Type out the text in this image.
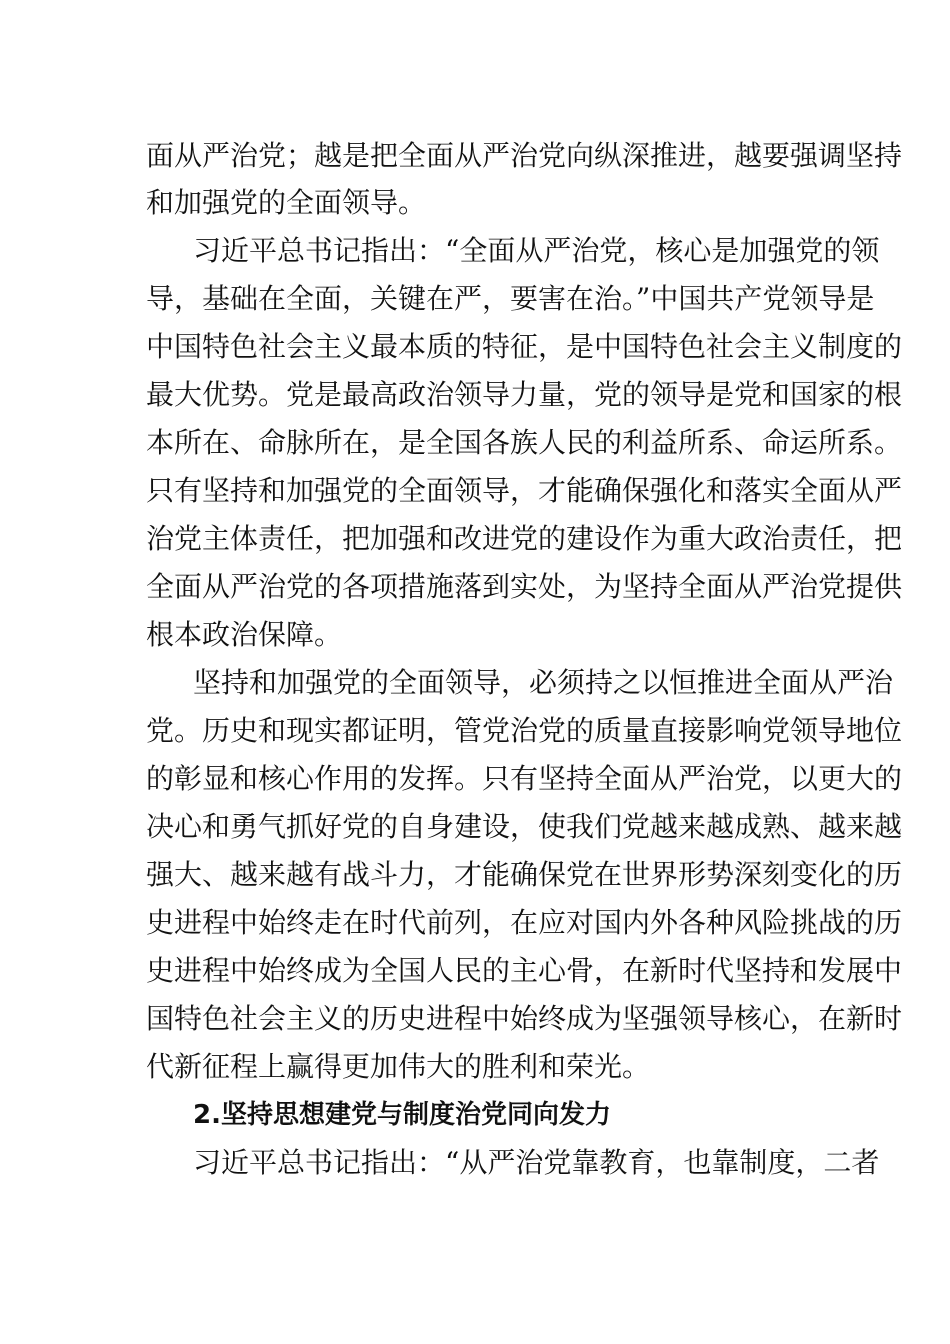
面从严治党；越是把全面从严治党向纵深推进，越要强调坚持
和加强党的全面领导。
习近平总书记指出：“全面从严治党，核心是加强党的领
导，基础在全面，关键在严，要害在治。”中国共产党领导是
中国特色社会主义最本质的特征，是中国特色社会主义制度的
最大优势。党是最高政治领导力量，党的领导是党和国家的根
本所在、命脉所在，是全国各族人民的利益所系、命运所系。
只有坚持和加强党的全面领导，才能确保强化和落实全面从严
治党主体责任，把加强和改进党的建设作为重大政治责任，把
全面从严治党的各项措施落到实处，为坚持全面从严治党提供
根本政治保障。
坚持和加强党的全面领导，必须持之以恒推进全面从严治
党。历史和现实都证明，管党治党的质量直接影响党领导地位
的彰显和核心作用的发挥。只有坚持全面从严治党，以更大的
决心和勇气抓好党的自身建设，使我们党越来越成熟、越来越
强大、越来越有战斗力，才能确保党在世界形势深刻变化的历
史进程中始终走在时代前列，在应对国内外各种风险挑战的历
史进程中始终成为全国人民的主心骨，在新时代坚持和发展中
国特色社会主义的历史进程中始终成为坚强领导核心，在新时
代新征程上赢得更加伟大的胜利和荣光。
2.坚持思想建党与制度治党同向发力
习近平总书记指出：“从严治党靠教育，也靠制度，二者
